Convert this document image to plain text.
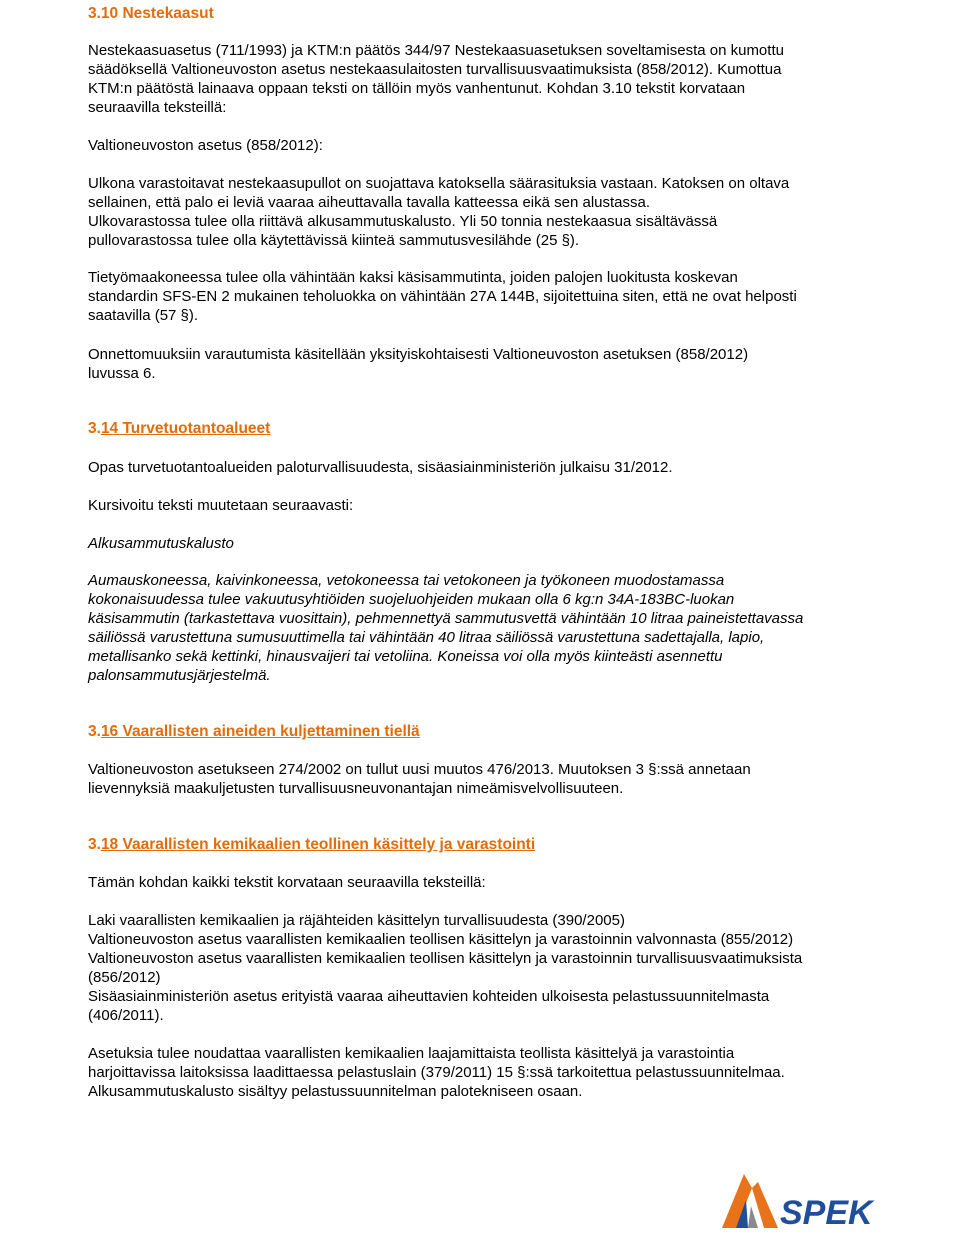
3.10 Nestekaasut

Nestekaasuasetus (711/1993) ja KTM:n päätös 344/97 Nestekaasuasetuksen soveltamisesta on kumottu
säädöksellä Valtioneuvoston asetus nestekaasulaitosten turvallisuusvaatimuksista (858/2012). Kumottua
KTM:n päätöstä lainaava oppaan teksti on tällöin myös vanhentunut. Kohdan 3.10 tekstit korvataan
seuraavilla teksteillä:

Valtioneuvoston asetus (858/2012):

Ulkona varastoitavat nestekaasupullot on suojattava katoksella säärasituksia vastaan. Katoksen on oltava
sellainen, että palo ei leviä vaaraa aiheuttavalla tavalla katteessa eikä sen alustassa.
Ulkovarastossa tulee olla riittävä alkusammutuskalusto. Yli 50 tonnia nestekaasua sisältävässä
pullovarastossa tulee olla käytettävissä kiinteä sammutusvesilähde (25 §).

Tietyömaakoneessa tulee olla vähintään kaksi käsisammutinta, joiden palojen luokitusta koskevan
standardin SFS-EN 2 mukainen teholuokka on vähintään 27A 144B, sijoitettuina siten, että ne ovat helposti
saatavilla (57 §).

Onnettomuuksiin varautumista käsitellään yksityiskohtaisesti Valtioneuvoston asetuksen (858/2012)
luvussa 6.

3.14 Turvetuotantoalueet

Opas turvetuotantoalueiden paloturvallisuudesta, sisäasiainministeriön julkaisu 31/2012.

Kursivoitu teksti muutetaan seuraavasti:

Alkusammutuskalusto

Aumauskoneessa, kaivinkoneessa, vetokoneessa tai vetokoneen ja työkoneen muodostamassa
kokonaisuudessa tulee vakuutusyhtiöiden suojeluohjeiden mukaan olla 6 kg:n 34A-183BC-luokan
käsisammutin (tarkastettava vuosittain), pehmennettyä sammutusvettä vähintään 10 litraa paineistettavassa
säiliössä varustettuna sumusuuttimella tai vähintään 40 litraa säiliössä varustettuna sadettajalla, lapio,
metallisanko sekä kettinki, hinausvaijeri tai vetoliina. Koneissa voi olla myös kiinteästi asennettu
palonsammutusjärjestelmä.

3.16 Vaarallisten aineiden kuljettaminen tiellä

Valtioneuvoston asetukseen 274/2002 on tullut uusi muutos 476/2013. Muutoksen 3 §:ssä annetaan
lievennyksiä maakuljetusten turvallisuusneuvonantajan nimeämisvelvollisuuteen.

3.18 Vaarallisten kemikaalien teollinen käsittely ja varastointi

Tämän kohdan kaikki tekstit korvataan seuraavilla teksteillä:

Laki vaarallisten kemikaalien ja räjähteiden käsittelyn turvallisuudesta (390/2005)
Valtioneuvoston asetus vaarallisten kemikaalien teollisen käsittelyn ja varastoinnin valvonnasta (855/2012)
Valtioneuvoston asetus vaarallisten kemikaalien teollisen käsittelyn ja varastoinnin turvallisuusvaatimuksista
(856/2012)
Sisäasiainministeriön asetus erityistä vaaraa aiheuttavien kohteiden ulkoisesta pelastussuunnitelmasta
(406/2011).

Asetuksia tulee noudattaa vaarallisten kemikaalien laajamittaista teollista käsittelyä ja varastointia
harjoittavissa laitoksissa laadittaessa pelastuslain (379/2011) 15 §:ssä tarkoitettua pelastussuunnitelmaa.
Alkusammutuskalusto sisältyy pelastussuunnitelman palotekniseen osaan.

SPEK
